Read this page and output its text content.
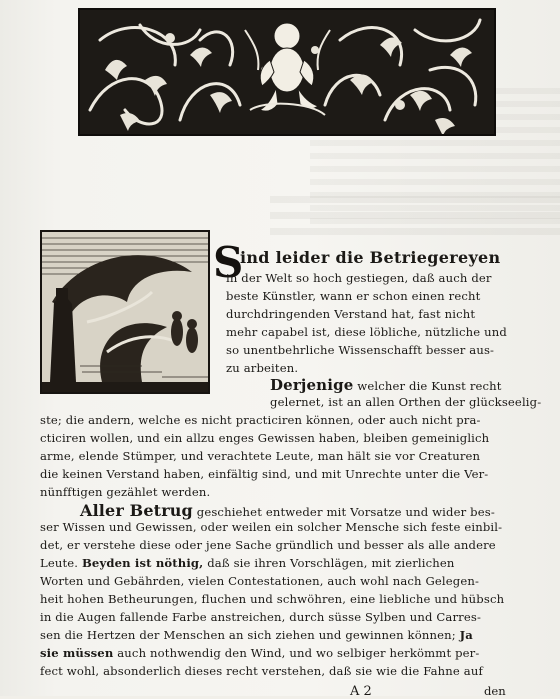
S
ind leider die Betriegereyen
in der Welt so hoch gestiegen, daß auch der
beste Künstler, wann er schon einen recht
durchdringenden Verstand hat, fast nicht
mehr capabel ist, diese löbliche, nützliche und
so unentbehrliche Wissenschafft besser aus-
zu arbeiten.
Derjenige welcher die Kunst recht
gelernet, ist an allen Orthen der glückseelig-
ste; die andern, welche es nicht practiciren können, oder auch nicht pra-
cticiren wollen, und ein allzu enges Gewissen haben, bleiben gemeiniglich
arme, elende Stümper, und verachtete Leute, man hält sie vor Creaturen
die keinen Verstand haben, einfältig sind, und mit Unrechte unter die Ver-
nünfftigen gezählet werden.
Aller Betrug geschiehet entweder mit Vorsatze und wider bes-
ser Wissen und Gewissen, oder weilen ein solcher Mensche sich feste einbil-
det, er verstehe diese oder jene Sache gründlich und besser als alle andere
Leute. Beyden ist nöthig, daß sie ihren Vorschlägen, mit zierlichen
Worten und Gebährden, vielen Contestationen, auch wohl nach Gelegen-
heit hohen Betheurungen, fluchen und schwöhren, eine liebliche und hübsch
in die Augen fallende Farbe anstreichen, durch süsse Sylben und Carres-
sen die Hertzen der Menschen an sich ziehen und gewinnen können; Ja
sie müssen auch nothwendig den Wind, und wo selbiger herkömmt per-
fect wohl, absonderlich dieses recht verstehen, daß sie wie die Fahne auf
A 2	den
